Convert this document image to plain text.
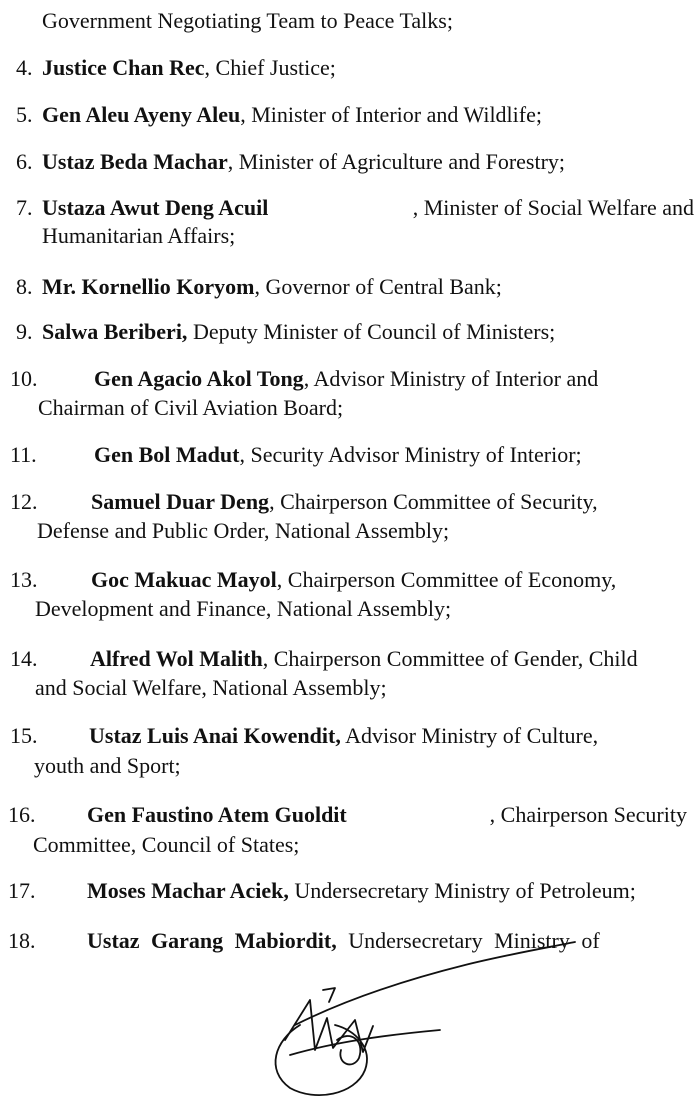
Government Negotiating Team to Peace Talks;
4. Justice Chan Rec, Chief Justice;
5. Gen Aleu Ayeny Aleu, Minister of Interior and Wildlife;
6. Ustaz Beda Machar, Minister of Agriculture and Forestry;
7. Ustaza Awut Deng Acuil	, Minister of Social Welfare and
Humanitarian Affairs;
8. Mr. Kornellio Koryom, Governor of Central Bank;
9. Salwa Beriberi, Deputy Minister of Council of Ministers;
10.	Gen Agacio Akol Tong, Advisor Ministry of Interior and
Chairman of Civil Aviation Board;
11.	Gen Bol Madut, Security Advisor Ministry of Interior;
12. Samuel Duar Deng, Chairperson Committee of Security,
Defense and Public Order, National Assembly;
13. Goc Makuac Mayol, Chairperson Committee of Economy,
Development and Finance, National Assembly;
14. Alfred Wol Malith, Chairperson Committee of Gender, Child
and Social Welfare, National Assembly;
15. Ustaz Luis Anai Kowendit, Advisor Ministry of Culture,
youth and Sport;
16. Gen Faustino Atem Guoldit	, Chairperson Security
Committee, Council of States;
17. Moses Machar Aciek, Undersecretary Ministry of Petroleum;
18. Ustaz Garang Mabiordit, Undersecretary Ministry of
